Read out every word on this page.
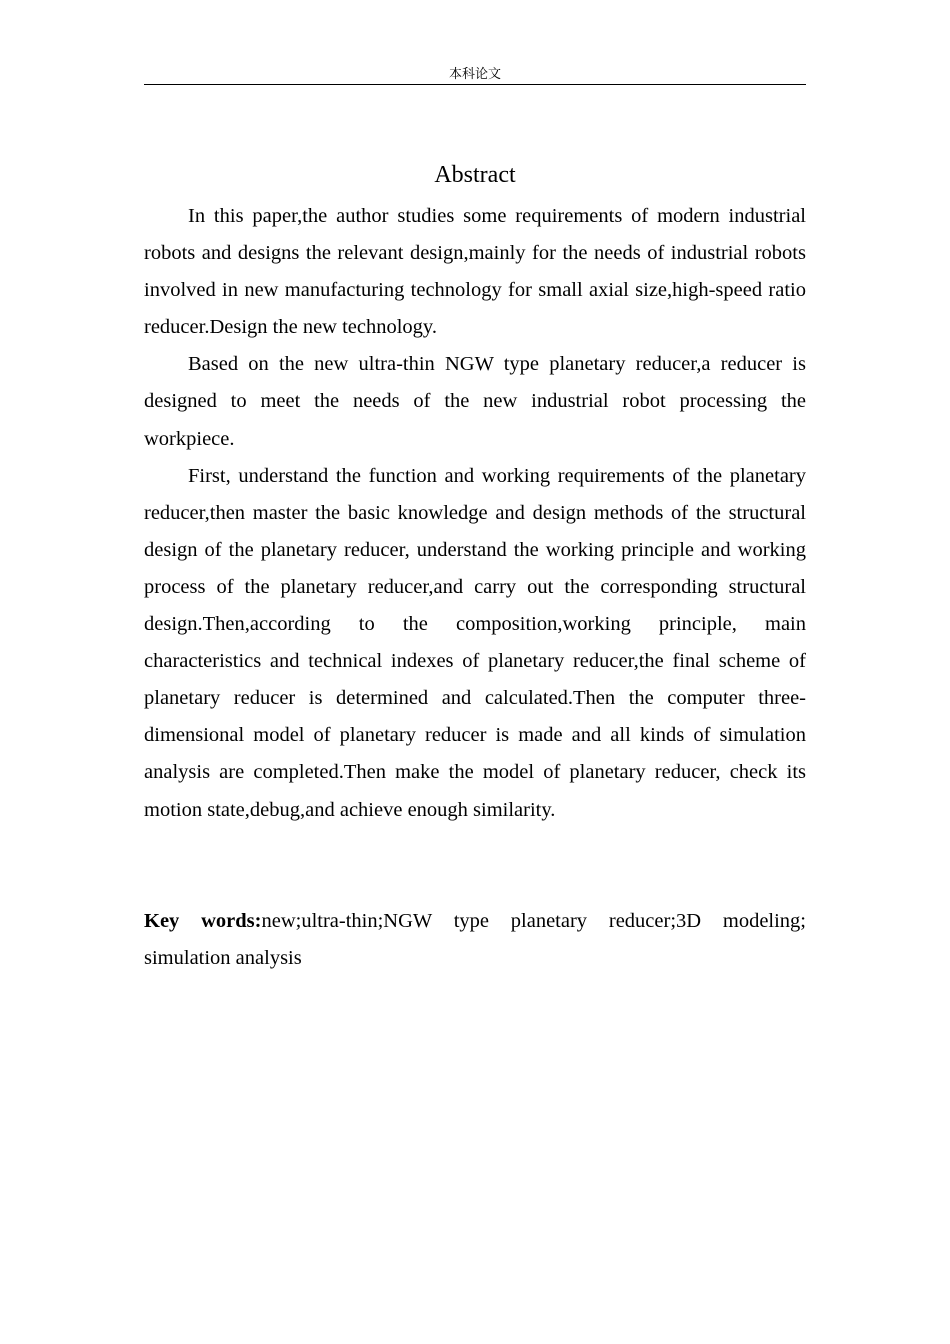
本科论文
Abstract

In this paper,the author studies some requirements of modern industrial robots and designs the relevant design,mainly for the needs of industrial robots involved in new manufacturing technology for small axial size,high-speed ratio reducer.Design the new technology.

Based on the new ultra-thin NGW type planetary reducer,a reducer is designed to meet the needs of the new industrial robot processing the workpiece.

First, understand the function and working requirements of the planetary reducer,then master the basic knowledge and design methods of the structural design of the planetary reducer, understand the working principle and working process of the planetary reducer,and carry out the corresponding structural design.Then,according to the composition,working principle, main characteristics and technical indexes of planetary reducer,the final scheme of planetary reducer is determined and calculated.Then the computer three-dimensional model of planetary reducer is made and all kinds of simulation analysis are completed.Then make the model of planetary reducer, check its motion state,debug,and achieve enough similarity.

Key words:new;ultra-thin;NGW type planetary reducer;3D modeling; simulation analysis
